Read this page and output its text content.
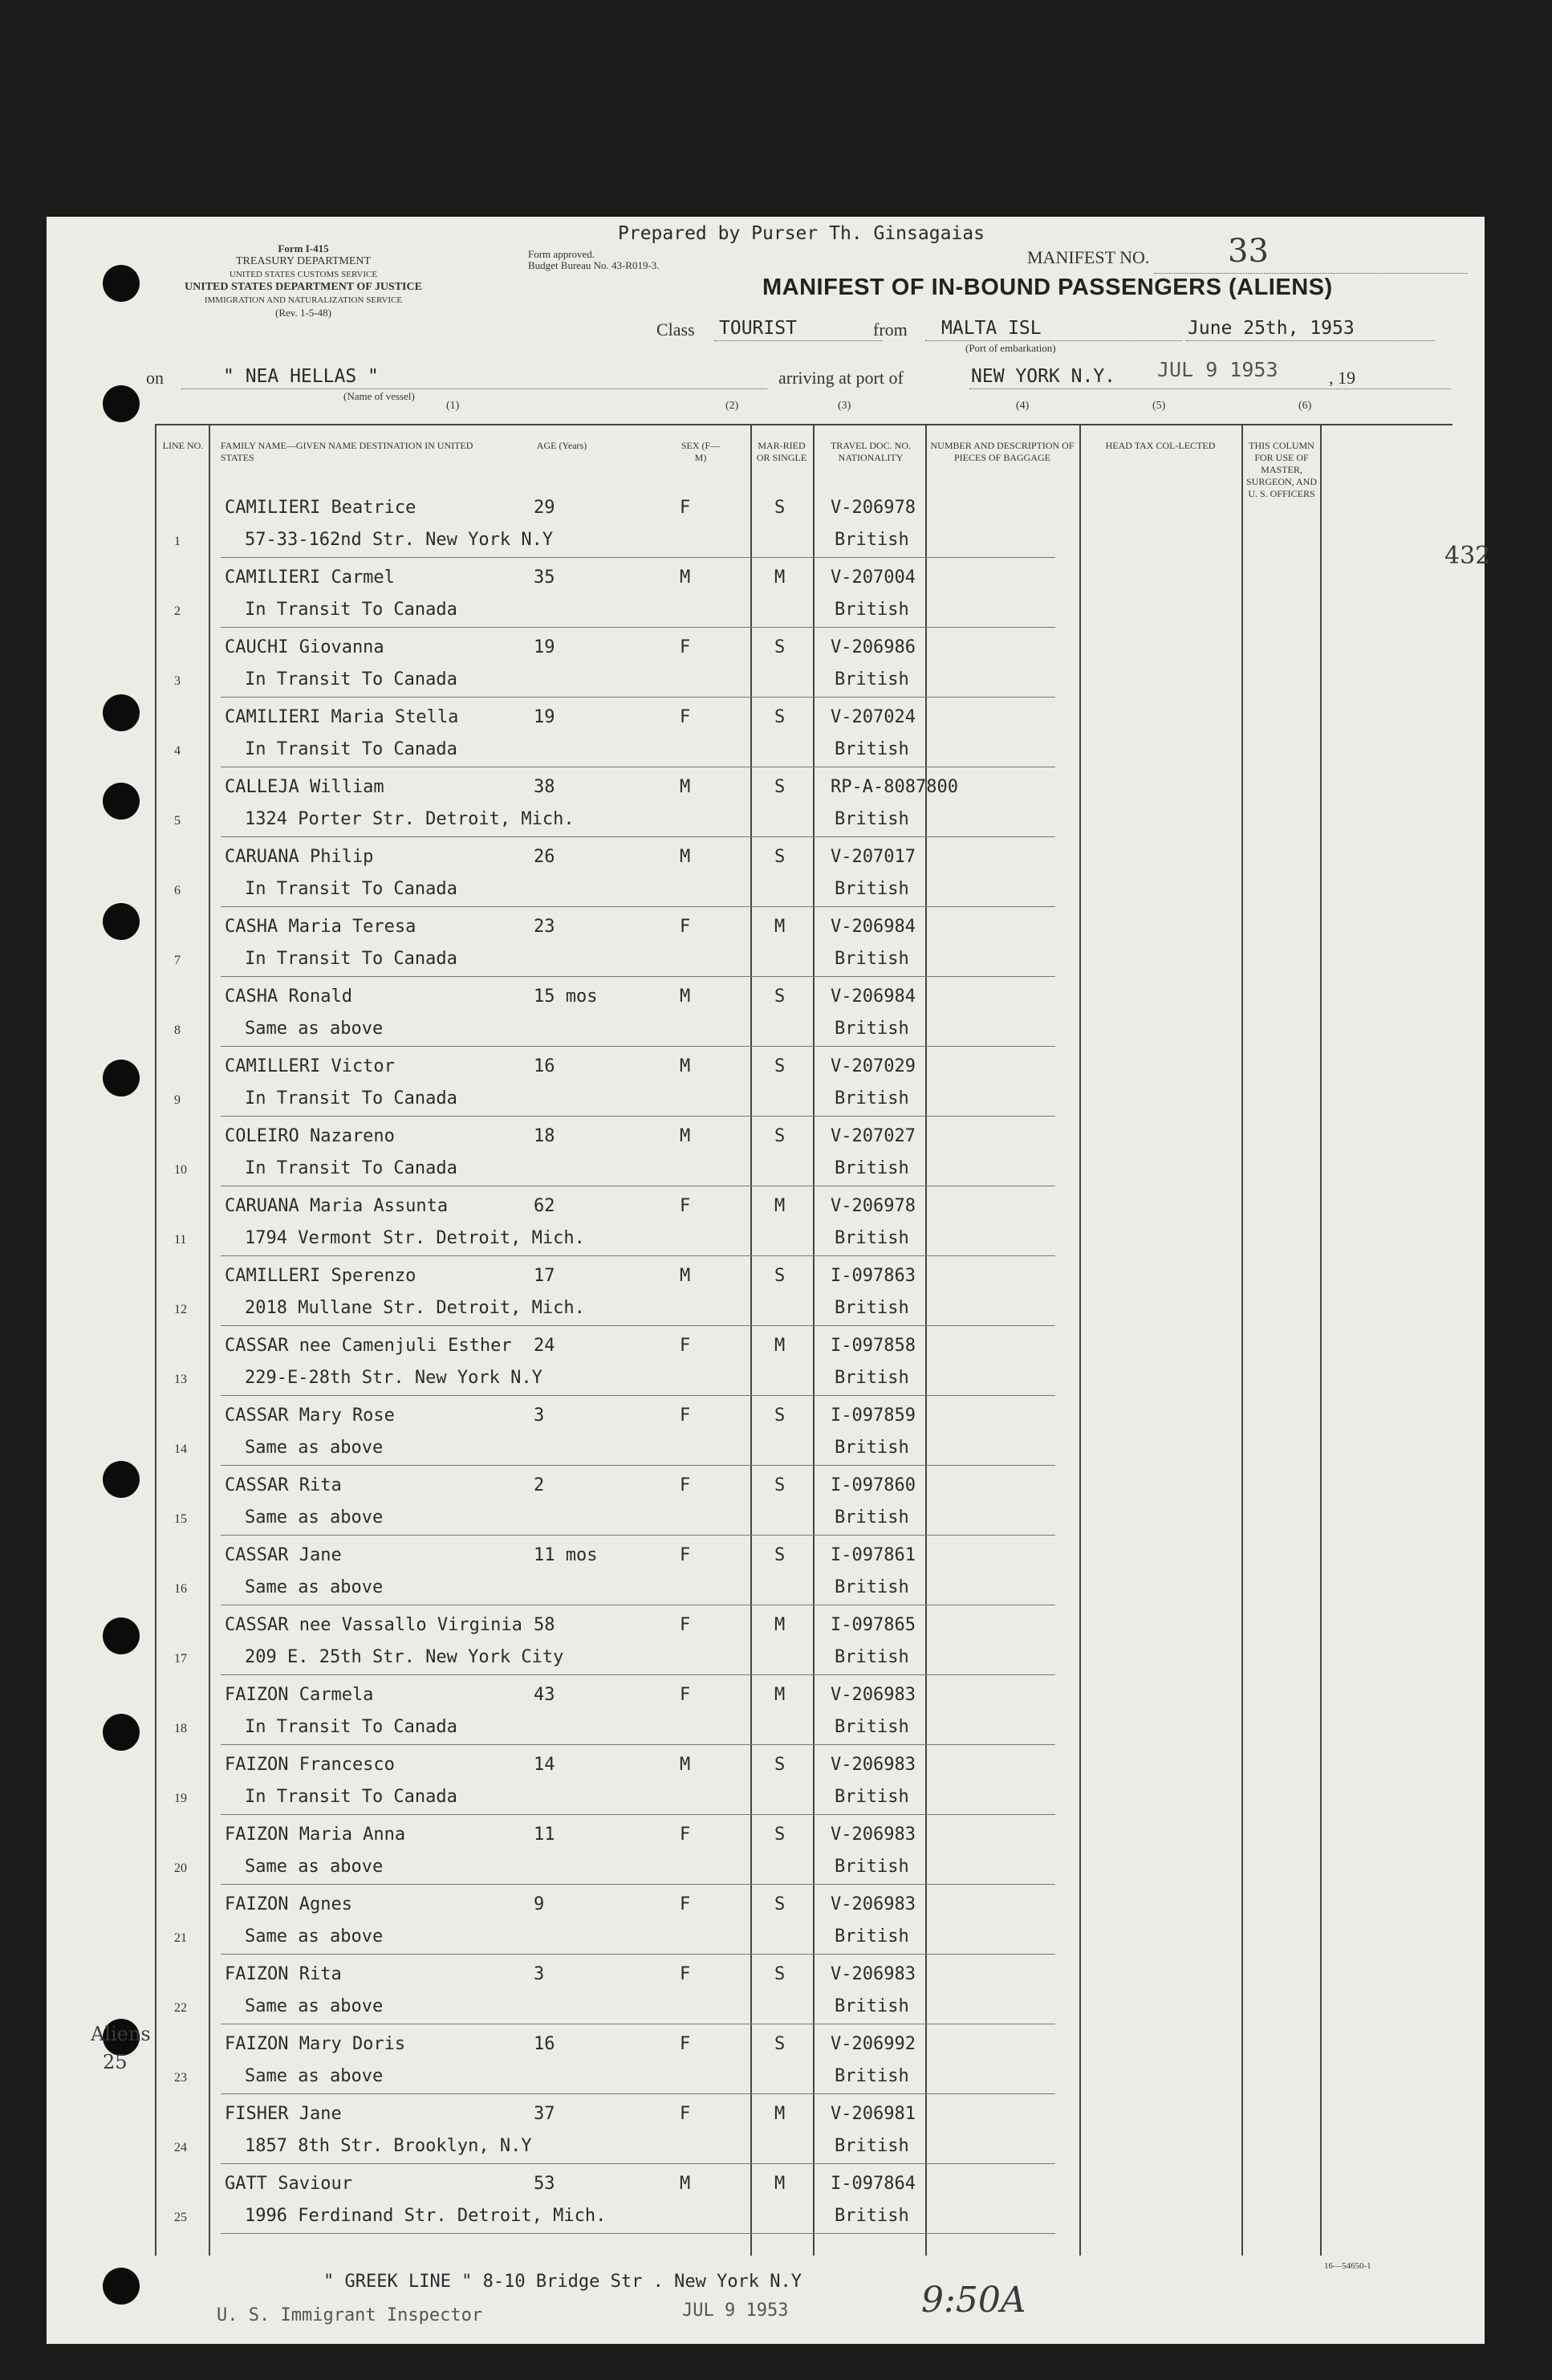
Form I-415
TREASURY DEPARTMENT
UNITED STATES CUSTOMS SERVICE
UNITED STATES DEPARTMENT OF JUSTICE
IMMIGRATION AND NATURALIZATION SERVICE
(Rev. 1-5-48)
Form approved.
Budget Bureau No. 43-R019-3.
Prepared by Purser Th. Ginsagaias
MANIFEST NO. 33
MANIFEST OF IN-BOUND PASSENGERS (ALIENS)
Class TOURIST	from MALTA ISL	June 25th, 1953
(Port of embarkation)
on	" NEA HELLAS "
(Name of vessel)
arriving at port of	NEW YORK N.Y. JUL 9 1953	, 19
(1)	(2)	(3)	(4)	(5)	(6)
LINE NO.	FAMILY NAME—GIVEN NAME DESTINATION IN UNITED STATES
AGE (Years)	SEX (F—M)
MAR-RIED OR SINGLE
TRAVEL DOC. NO. NATIONALITY
NUMBER AND DESCRIPTION OF PIECES OF BAGGAGE
HEAD TAX COL-LECTED	THIS COLUMN FOR USE OF MASTER, SURGEON, AND U. S. OFFICERS
1
CAMILIERI Beatrice
57-33-162nd Str. New York N.Y
29	F	S	V-206978
British
2
CAMILIERI Carmel
In Transit To Canada
35	M	M	V-207004
British
3
CAUCHI Giovanna
In Transit To Canada
19	F	S	V-206986
British
4
CAMILIERI Maria Stella
In Transit To Canada
19	F	S	V-207024
British
5
CALLEJA William
1324 Porter Str. Detroit, Mich.
38	M	S	RP-A-8087800
British
6
CARUANA Philip
In Transit To Canada
26	M	S	V-207017
British
7
CASHA Maria Teresa
In Transit To Canada
23	F	M	V-206984
British
8
CASHA Ronald
Same as above
15 mos	M	S	V-206984
British
9
CAMILLERI Victor
In Transit To Canada
16	M	S	V-207029
British
10
COLEIRO Nazareno
In Transit To Canada
18	M	S	V-207027
British
11
CARUANA Maria Assunta
1794 Vermont Str. Detroit, Mich.
62	F	M	V-206978
British
12
CAMILLERI Sperenzo
2018 Mullane Str. Detroit, Mich.
17	M	S	I-097863
British
13
CASSAR nee Camenjuli Esther
229-E-28th Str. New York N.Y
24	F	M	I-097858
British
14
CASSAR Mary Rose
Same as above
3	F	S	I-097859
British
15
CASSAR Rita
Same as above
2	F	S	I-097860
British
16
CASSAR Jane
Same as above
11 mos	F	S	I-097861
British
17
CASSAR nee Vassallo Virginia
209 E. 25th Str. New York City
58	F	M	I-097865
British
18
FAIZON Carmela
In Transit To Canada
43	F	M	V-206983
British
19
FAIZON Francesco
In Transit To Canada
14	M	S	V-206983
British
20
FAIZON Maria Anna
Same as above
11	F	S	V-206983
British
21
FAIZON Agnes
Same as above
9	F	S	V-206983
British
22
FAIZON Rita
Same as above
3	F	S	V-206983
British
23
FAIZON Mary Doris
Same as above
16	F	S	V-206992
British
24
FISHER Jane
1857 8th Str. Brooklyn, N.Y
37	F	M	V-206981
British
25
GATT Saviour
1996 Ferdinand Str. Detroit, Mich.
53	M	M	I-097864
British
432
Aliens
25
" GREEK LINE " 8-10 Bridge Str . New York N.Y
16—54650-1
U. S. Immigrant Inspector	JUL 9 1953	9:50A
